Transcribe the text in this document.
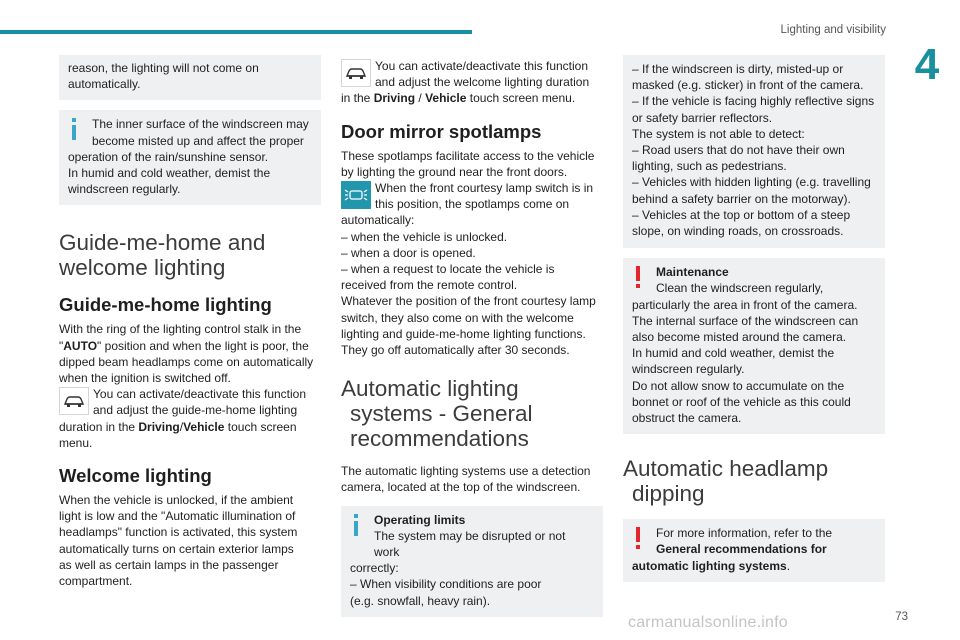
Lighting and visibility
4
reason, the lighting will not come on
automatically.
The inner surface of the windscreen may
become misted up and affect the proper
operation of the rain/sunshine sensor.
In humid and cold weather, demist the
windscreen regularly.
Guide-me-home and
welcome lighting
Guide-me-home lighting

With the ring of the lighting control stalk in the
"AUTO" position and when the light is poor, the
dipped beam headlamps come on automatically
when the ignition is switched off.

You can activate/deactivate this function
and adjust the guide-me-home lighting
duration in the Driving/Vehicle touch screen
menu.

Welcome lighting

When the vehicle is unlocked, if the ambient
light is low and the "Automatic illumination of
headlamps" function is activated, this system
automatically turns on certain exterior lamps
as well as certain lamps in the passenger
compartment.

You can activate/deactivate this function
and adjust the welcome lighting duration
in the Driving / Vehicle touch screen menu.

Door mirror spotlamps

These spotlamps facilitate access to the vehicle
by lighting the ground near the front doors.

When the front courtesy lamp switch is in
this position, the spotlamps come on
automatically:
– when the vehicle is unlocked.
– when a door is opened.
– when a request to locate the vehicle is
received from the remote control.
Whatever the position of the front courtesy lamp
switch, they also come on with the welcome
lighting and guide-me-home lighting functions.
They go off automatically after 30 seconds.

Automatic lighting
systems - General
recommendations

The automatic lighting systems use a detection
camera, located at the top of the windscreen.

Operating limits
The system may be disrupted or not work
correctly:
– When visibility conditions are poor
(e.g. snowfall, heavy rain).
– If the windscreen is dirty, misted-up or
masked (e.g. sticker) in front of the camera.
– If the vehicle is facing highly reflective signs
or safety barrier reflectors.
The system is not able to detect:
– Road users that do not have their own
lighting, such as pedestrians.
– Vehicles with hidden lighting (e.g. travelling
behind a safety barrier on the motorway).
– Vehicles at the top or bottom of a steep
slope, on winding roads, on crossroads.
Maintenance
Clean the windscreen regularly,
particularly the area in front of the camera.
The internal surface of the windscreen can
also become misted around the camera.
In humid and cold weather, demist the
windscreen regularly.
Do not allow snow to accumulate on the
bonnet or roof of the vehicle as this could
obstruct the camera.
Automatic headlamp
dipping
For more information, refer to the
General recommendations for
automatic lighting systems.
73
carmanualsonline.info
